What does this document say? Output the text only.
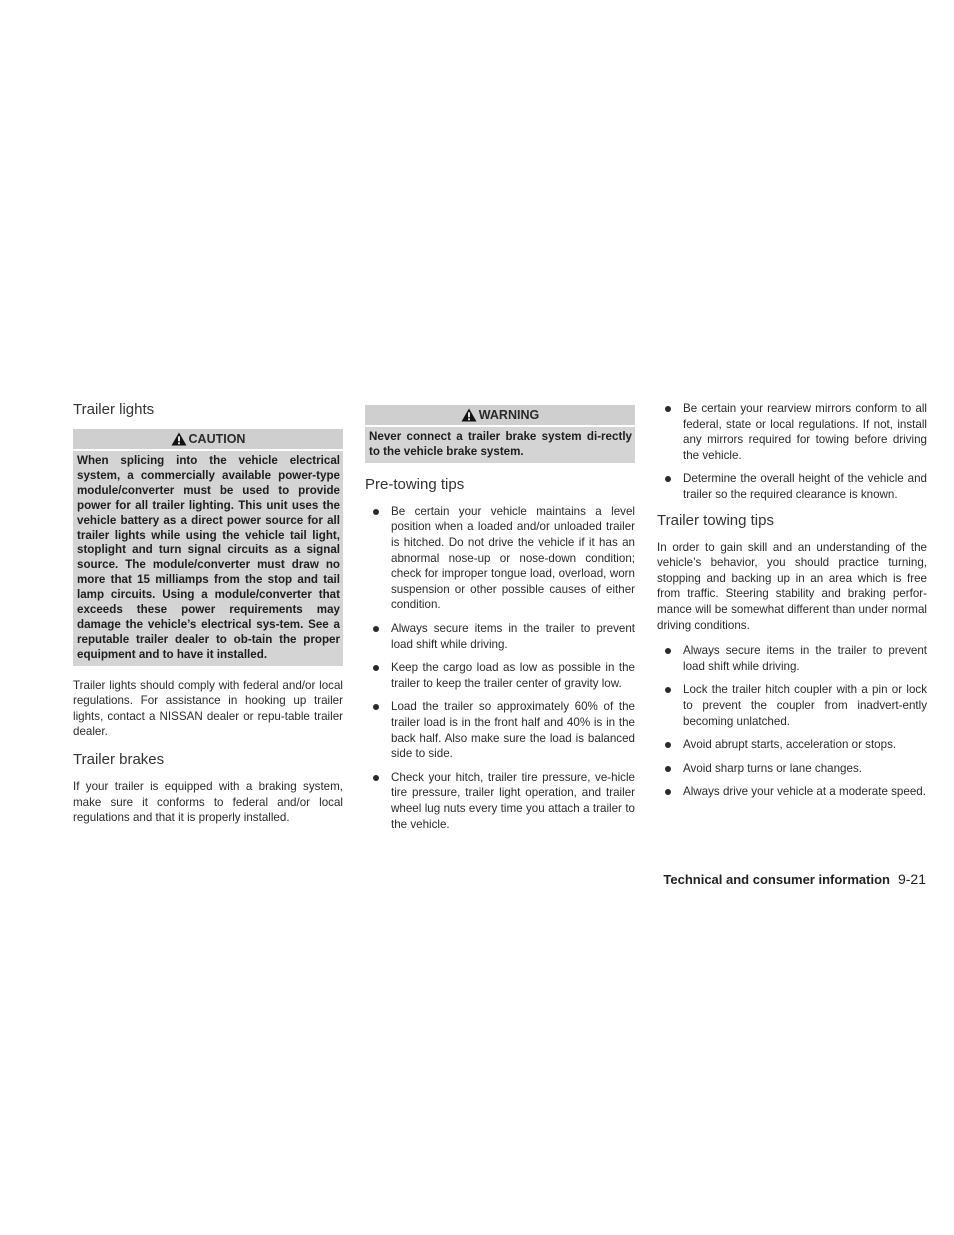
Trailer lights
CAUTION
When splicing into the vehicle electrical system, a commercially available power-type module/converter must be used to provide power for all trailer lighting. This unit uses the vehicle battery as a direct power source for all trailer lights while using the vehicle tail light, stoplight and turn signal circuits as a signal source. The module/converter must draw no more that 15 milliamps from the stop and tail lamp circuits. Using a module/converter that exceeds these power requirements may damage the vehicle’s electrical sys-tem. See a reputable trailer dealer to ob-tain the proper equipment and to have it installed.

Trailer lights should comply with federal and/or local regulations. For assistance in hooking up trailer lights, contact a NISSAN dealer or repu-table trailer dealer.

Trailer brakes

If your trailer is equipped with a braking system, make sure it conforms to federal and/or local regulations and that it is properly installed.

WARNING
Never connect a trailer brake system di-rectly to the vehicle brake system.
Pre-towing tips
Be certain your vehicle maintains a level position when a loaded and/or unloaded trailer is hitched. Do not drive the vehicle if it has an abnormal nose-up or nose-down condition; check for improper tongue load, overload, worn suspension or other possible causes of either condition.
Always secure items in the trailer to prevent load shift while driving.
Keep the cargo load as low as possible in the trailer to keep the trailer center of gravity low.
Load the trailer so approximately 60% of the trailer load is in the front half and 40% is in the back half. Also make sure the load is balanced side to side.
Check your hitch, trailer tire pressure, ve-hicle tire pressure, trailer light operation, and trailer wheel lug nuts every time you attach a trailer to the vehicle.
Be certain your rearview mirrors conform to all federal, state or local regulations. If not, install any mirrors required for towing before driving the vehicle.
Determine the overall height of the vehicle and trailer so the required clearance is known.
Trailer towing tips

In order to gain skill and an understanding of the vehicle’s behavior, you should practice turning, stopping and backing up in an area which is free from traffic. Steering stability and braking perfor-mance will be somewhat different than under normal driving conditions.

Always secure items in the trailer to prevent load shift while driving.
Lock the trailer hitch coupler with a pin or lock to prevent the coupler from inadvert-ently becoming unlatched.
Avoid abrupt starts, acceleration or stops.
Avoid sharp turns or lane changes.
Always drive your vehicle at a moderate speed.
Technical and consumer information 9-21
